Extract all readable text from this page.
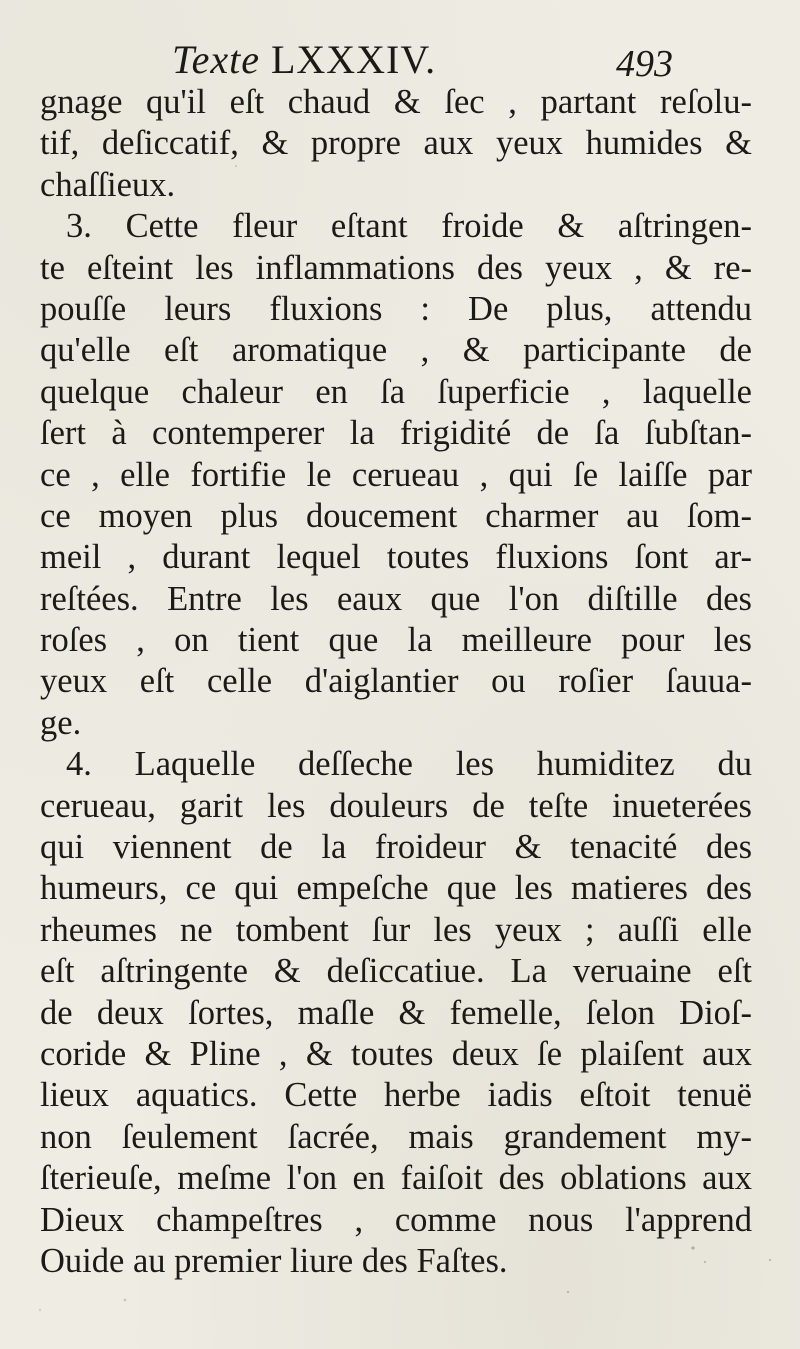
Texte LXXXIV.	493
gnage qu'il eſt chaud & ſec , partant reſolu-
tif, deſiccatif, & propre aux yeux humides &
chaſſieux.
3. Cette fleur eſtant froide & aſtringen-
te eſteint les inflammations des yeux , & re-
pouſſe leurs fluxions : De plus, attendu
qu'elle eſt aromatique , & participante de
quelque chaleur en ſa ſuperficie , laquelle
ſert à contemperer la frigidité de ſa ſubſtan-
ce , elle fortifie le cerueau , qui ſe laiſſe par
ce moyen plus doucement charmer au ſom-
meil , durant lequel toutes fluxions ſont ar-
reſtées. Entre les eaux que l'on diſtille des
roſes , on tient que la meilleure pour les
yeux eſt celle d'aiglantier ou roſier ſauua-
ge.
4. Laquelle deſſeche les humiditez du
cerueau, garit les douleurs de teſte inueterées
qui viennent de la froideur & tenacité des
humeurs, ce qui empeſche que les matieres des
rheumes ne tombent ſur les yeux ; auſſi elle
eſt aſtringente & deſiccatiue. La veruaine eſt
de deux ſortes, maſle & femelle, ſelon Dioſ-
coride & Pline , & toutes deux ſe plaiſent aux
lieux aquatics. Cette herbe iadis eſtoit tenuë
non ſeulement ſacrée, mais grandement my-
ſterieuſe, meſme l'on en faiſoit des oblations aux
Dieux champeſtres , comme nous l'apprend
Ouide au premier liure des Faſtes.
